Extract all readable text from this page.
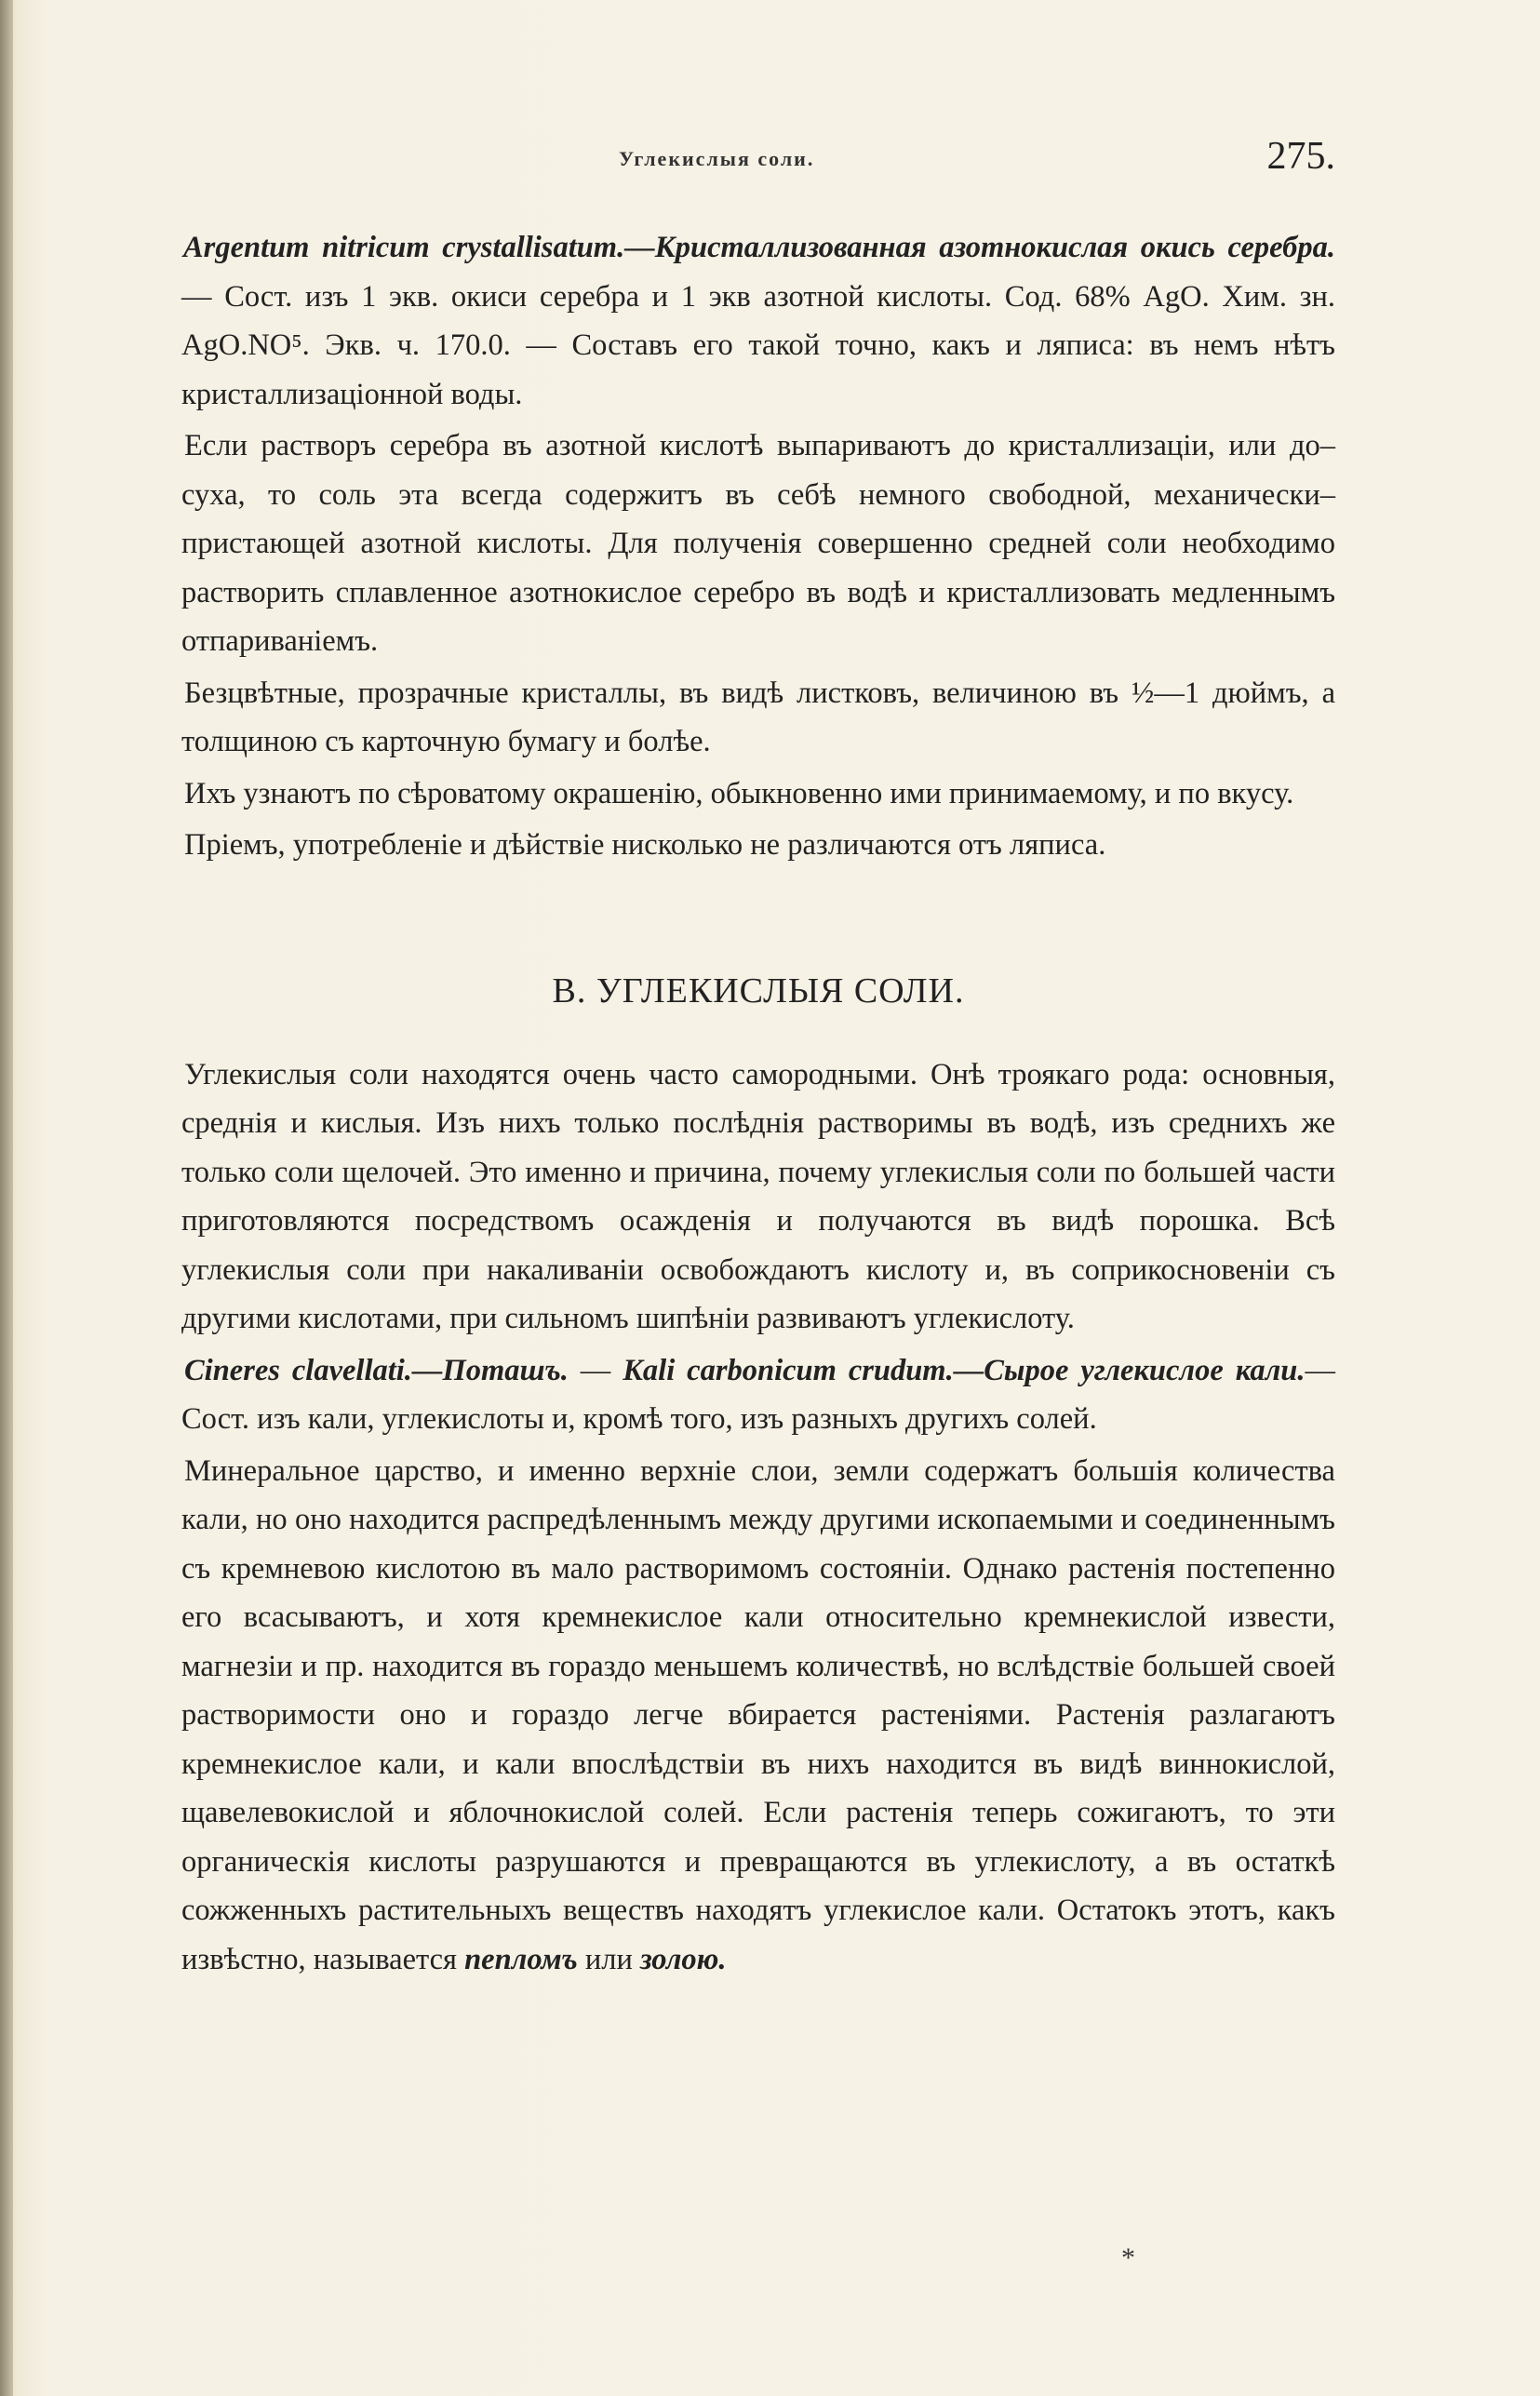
Углекислыя соли.	275.

Argentum nitricum crystallisatum.—Кристаллизованная азотнокислая окись серебра. — Сост. изъ 1 экв. окиси серебра и 1 экв азотной кислоты. Сод. 68% AgO. Хим. зн. AgO.NO⁵. Экв. ч. 170.0. — Составъ его такой точно, какъ и ляписа: въ немъ нѣтъ кристаллизаціонной воды.

Если растворъ серебра въ азотной кислотѣ выпариваютъ до кристаллизаціи, или до–суха, то соль эта всегда содержитъ въ себѣ немного свободной, механически–пристающей азотной кислоты. Для полученія совершенно средней соли необходимо растворить сплавленное азотнокислое серебро въ водѣ и кристаллизовать медленнымъ отпариваніемъ.

Безцвѣтные, прозрачные кристаллы, въ видѣ листковъ, величиною въ ½—1 дюймъ, а толщиною съ карточную бумагу и болѣе.

Ихъ узнаютъ по сѣроватому окрашенію, обыкновенно ими принимаемому, и по вкусу.

Пріемъ, употребленіе и дѣйствіе нисколько не различаются отъ ляписа.

B. УГЛЕКИСЛЫЯ СОЛИ.

Углекислыя соли находятся очень часто самородными. Онѣ троякаго рода: основныя, среднія и кислыя. Изъ нихъ только послѣднія растворимы въ водѣ, изъ среднихъ же только соли щелочей. Это именно и причина, почему углекислыя соли по большей части приготовляются посредствомъ осажденія и получаются въ видѣ порошка. Всѣ углекислыя соли при накаливаніи освобождаютъ кислоту и, въ соприкосновеніи съ другими кислотами, при сильномъ шипѣніи развиваютъ углекислоту.

Cineres clavellati.—Поташъ. — Kali carbonicum crudum.—Сырое углекислое кали.—Сост. изъ кали, углекислоты и, кромѣ того, изъ разныхъ другихъ солей.

Минеральное царство, и именно верхніе слои, земли содержатъ большія количества кали, но оно находится распредѣленнымъ между другими ископаемыми и соединеннымъ съ кремневою кислотою въ мало растворимомъ состояніи. Однако растенія постепенно его всасываютъ, и хотя кремнекислое кали относительно кремнекислой извести, магнезіи и пр. находится въ гораздо меньшемъ количествѣ, но вслѣдствіе большей своей растворимости оно и гораздо легче вбирается растеніями. Растенія разлагаютъ кремнекислое кали, и кали впослѣдствіи въ нихъ находится въ видѣ виннокислой, щавелевокислой и яблочнокислой солей. Если растенія теперь сожигаютъ, то эти органическія кислоты разрушаются и превращаются въ углекислоту, а въ остаткѣ сожженныхъ растительныхъ веществъ находятъ углекислое кали. Остатокъ этотъ, какъ извѣстно, называется пепломъ или золою.

*
